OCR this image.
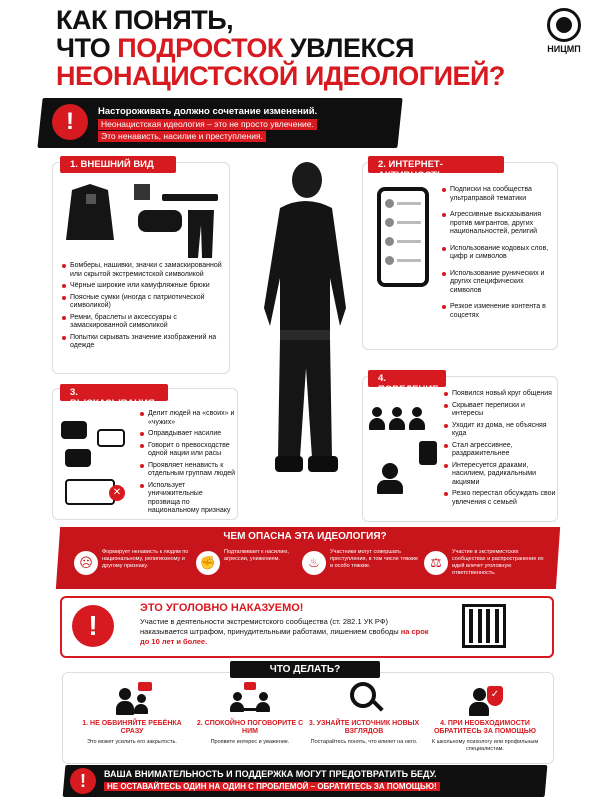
КАК ПОНЯТЬ,
ЧТО ПОДРОСТОК УВЛЕКСЯ
НЕОНАЦИСТСКОЙ ИДЕОЛОГИЕЙ?
НИЦМП
!	Настороживать должно сочетание изменений.
Неонацистская идеология – это не просто увлечение.
Это ненависть, насилие и преступления.
1. ВНЕШНИЙ ВИД
Бомберы, нашивки, значки с замаскированной или скрытой экстремистской символикой
Чёрные широкие или камуфляжные брюки
Поясные сумки (иногда с патриотической символикой)
Ремни, браслеты и аксессуары с замаскированной символикой
Попытки скрывать значение изображений на одежде
2. ИНТЕРНЕТ-АКТИВНОСТЬ
Подписки на сообщества ультраправой тематики
Агрессивные высказывания против мигрантов, других национальностей, религий
Использование кодовых слов, цифр и символов
Использование рунических и других специфических символов
Резкое изменение контента в соцсетях
✕
3. ВЫСКАЗЫВАНИЯ
Делит людей на «своих» и «чужих»
Оправдывает насилие
Говорит о превосходстве одной нации или расы
Проявляет ненависть к отдельным группам людей
Использует уничижительные прозвища по национальному признаку
4. ПОВЕДЕНИЕ	Появился новый круг общения
Скрывает переписки и интересы
Уходит из дома, не объясняя куда
Стал агрессивнее, раздражительнее
Интересуется драками, насилием, радикальными акциями
Резко перестал обсуждать свои увлечения с семьей
ЧЕМ ОПАСНА ЭТА ИДЕОЛОГИЯ?
☹
Формирует ненависть к людям по национальному, религиозному и другому признаку.	✊
Подталкивает к насилию, агрессии, унижениям.	♨
Участники могут совершать преступления, в том числе тяжкие и особо тяжкие.	⚖
Участие в экстремистских сообществах и распространение их идей влечет уголовную ответственность.
!
ЭТО УГОЛОВНО НАКАЗУЕМО!
Участие в деятельности экстремистского сообщества (ст. 282.1 УК РФ) наказывается штрафом, принудительными работами, лишением свободы на срок до 10 лет и более.
ЧТО ДЕЛАТЬ?
1. НЕ ОБВИНЯЙТЕ РЕБЁНКА СРАЗУ
Это может усилить его закрытость.
2. СПОКОЙНО ПОГОВОРИТЕ С НИМ
Проявите интерес и уважение.
3. УЗНАЙТЕ ИСТОЧНИК НОВЫХ ВЗГЛЯДОВ
Постарайтесь понять, что влияет на него.
✓
4. ПРИ НЕОБХОДИМОСТИ ОБРАТИТЕСЬ ЗА ПОМОЩЬЮ
К школьному психологу или профильным специалистам.
!	ВАША ВНИМАТЕЛЬНОСТЬ И ПОДДЕРЖКА МОГУТ ПРЕДОТВРАТИТЬ БЕДУ.
НЕ ОСТАВАЙТЕСЬ ОДИН НА ОДИН С ПРОБЛЕМОЙ – ОБРАТИТЕСЬ ЗА ПОМОЩЬЮ!
